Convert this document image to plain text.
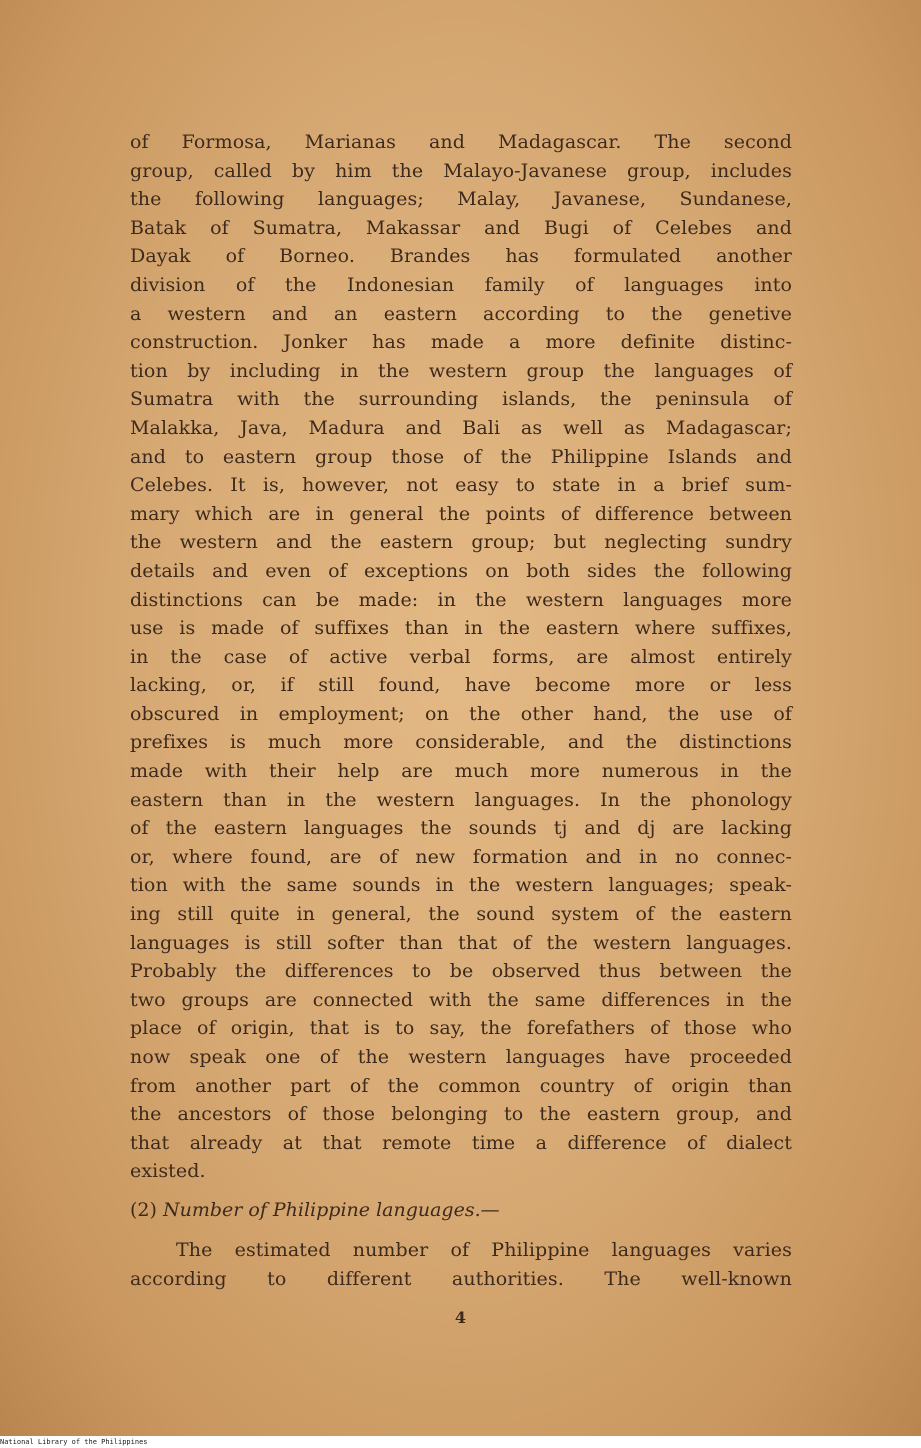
of Formosa, Marianas and Madagascar. The second
group, called by him the Malayo-Javanese group, includes
the following languages; Malay, Javanese, Sundanese,
Batak of Sumatra, Makassar and Bugi of Celebes and
Dayak of Borneo. Brandes has formulated another
division of the Indonesian family of languages into
a western and an eastern according to the genetive
construction. Jonker has made a more definite distinc-
tion by including in the western group the languages of
Sumatra with the surrounding islands, the peninsula of
Malakka, Java, Madura and Bali as well as Madagascar;
and to eastern group those of the Philippine Islands and
Celebes. It is, however, not easy to state in a brief sum-
mary which are in general the points of difference between
the western and the eastern group; but neglecting sundry
details and even of exceptions on both sides the following
distinctions can be made: in the western languages more
use is made of suffixes than in the eastern where suffixes,
in the case of active verbal forms, are almost entirely
lacking, or, if still found, have become more or less
obscured in employment; on the other hand, the use of
prefixes is much more considerable, and the distinctions
made with their help are much more numerous in the
eastern than in the western languages. In the phonology
of the eastern languages the sounds tj and dj are lacking
or, where found, are of new formation and in no connec-
tion with the same sounds in the western languages; speak-
ing still quite in general, the sound system of the eastern
languages is still softer than that of the western languages.
Probably the differences to be observed thus between the
two groups are connected with the same differences in the
place of origin, that is to say, the forefathers of those who
now speak one of the western languages have proceeded
from another part of the common country of origin than
the ancestors of those belonging to the eastern group, and
that already at that remote time a difference of dialect
existed.
(2) Number of Philippine languages.—
The estimated number of Philippine languages varies
according to different authorities. The well-known
4
National Library of the Philippines
